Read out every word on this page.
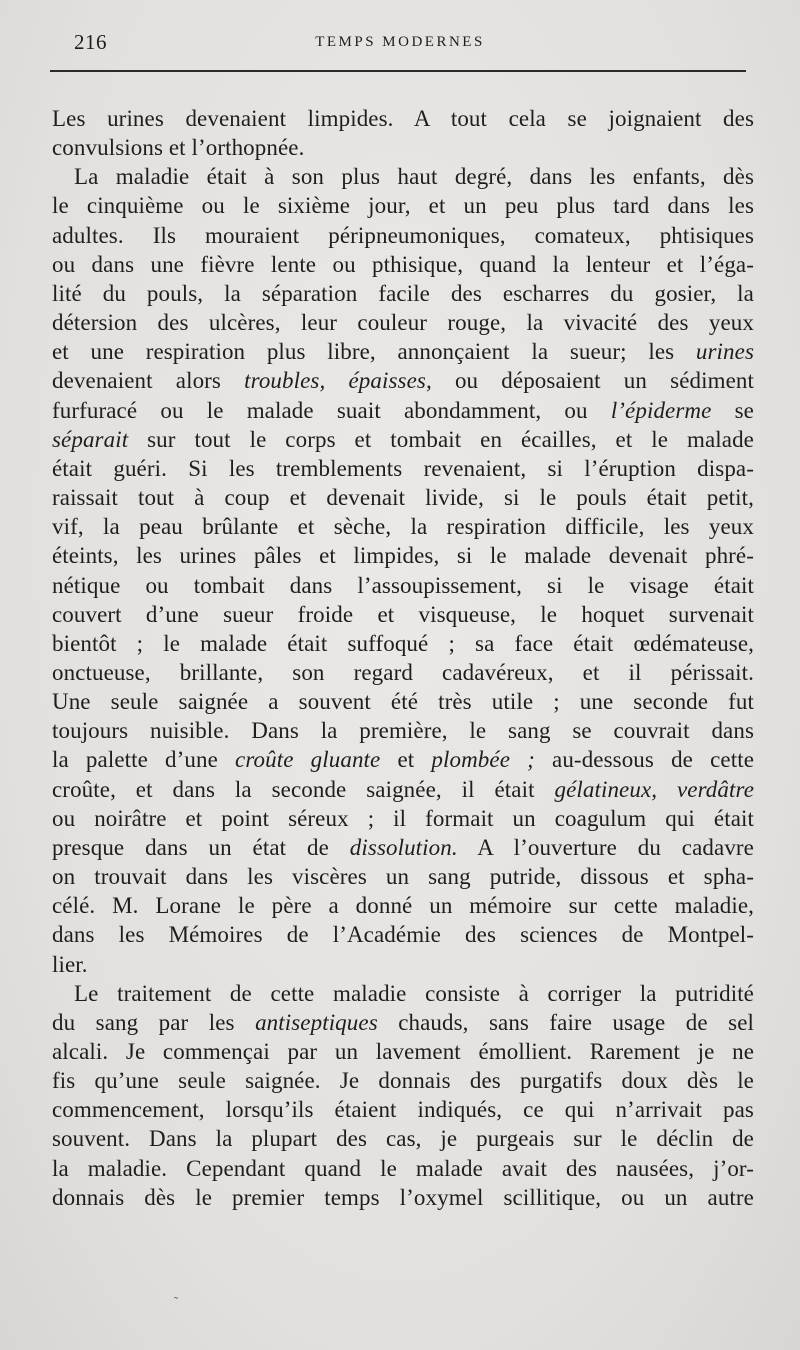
216	TEMPS MODERNES
Les urines devenaient limpides. A tout cela se joignaient des
convulsions et l’orthopnée.
La maladie était à son plus haut degré, dans les enfants, dès
le cinquième ou le sixième jour, et un peu plus tard dans les
adultes. Ils mouraient péripneumoniques, comateux, phtisiques
ou dans une fièvre lente ou pthisique, quand la lenteur et l’éga-
lité du pouls, la séparation facile des escharres du gosier, la
détersion des ulcères, leur couleur rouge, la vivacité des yeux
et une respiration plus libre, annonçaient la sueur; les urines
devenaient alors troubles, épaisses, ou déposaient un sédiment
furfuracé ou le malade suait abondamment, ou l’épiderme se
séparait sur tout le corps et tombait en écailles, et le malade
était guéri. Si les tremblements revenaient, si l’éruption dispa-
raissait tout à coup et devenait livide, si le pouls était petit,
vif, la peau brûlante et sèche, la respiration difficile, les yeux
éteints, les urines pâles et limpides, si le malade devenait phré-
nétique ou tombait dans l’assoupissement, si le visage était
couvert d’une sueur froide et visqueuse, le hoquet survenait
bientôt ; le malade était suffoqué ; sa face était œdémateuse,
onctueuse, brillante, son regard cadavéreux, et il périssait.
Une seule saignée a souvent été très utile ; une seconde fut
toujours nuisible. Dans la première, le sang se couvrait dans
la palette d’une croûte gluante et plombée ; au-dessous de cette
croûte, et dans la seconde saignée, il était gélatineux, verdâtre
ou noirâtre et point séreux ; il formait un coagulum qui était
presque dans un état de dissolution. A l’ouverture du cadavre
on trouvait dans les viscères un sang putride, dissous et spha-
célé. M. Lorane le père a donné un mémoire sur cette maladie,
dans les Mémoires de l’Académie des sciences de Montpel-
lier.
Le traitement de cette maladie consiste à corriger la putridité
du sang par les antiseptiques chauds, sans faire usage de sel
alcali. Je commençai par un lavement émollient. Rarement je ne
fis qu’une seule saignée. Je donnais des purgatifs doux dès le
commencement, lorsqu’ils étaient indiqués, ce qui n’arrivait pas
souvent. Dans la plupart des cas, je purgeais sur le déclin de
la maladie. Cependant quand le malade avait des nausées, j’or-
donnais dès le premier temps l’oxymel scillitique, ou un autre
˜
